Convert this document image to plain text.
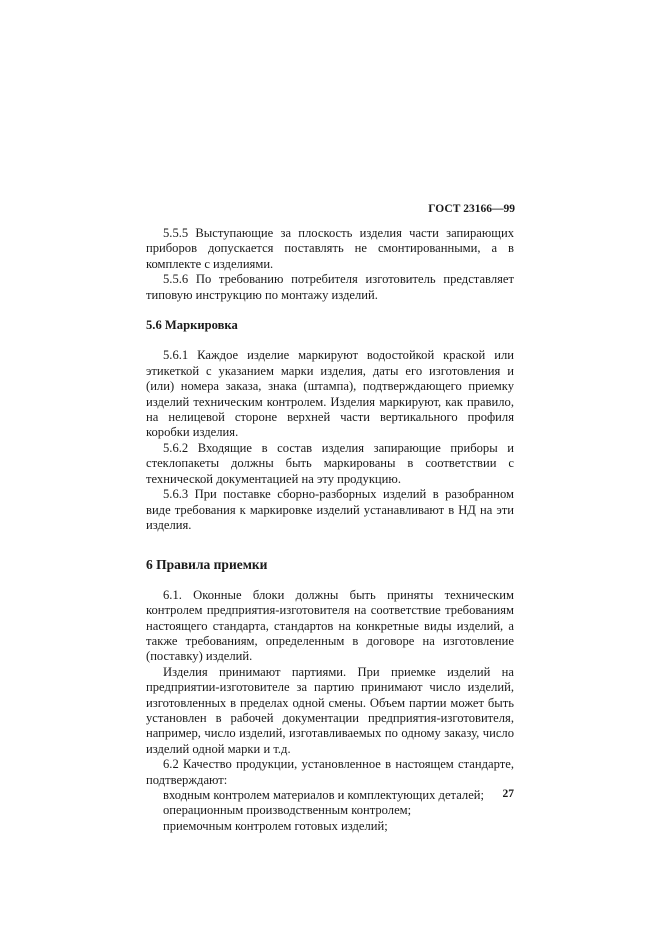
ГОСТ 23166—99

5.5.5 Выступающие за плоскость изделия части запирающих приборов допускается поставлять не смонтированными, а в комплекте с изделиями.

5.5.6 По требованию потребителя изготовитель представляет типовую инструкцию по монтажу изделий.

5.6 Маркировка

5.6.1 Каждое изделие маркируют водостойкой краской или этикеткой с указанием марки изделия, даты его изготовления и (или) номера заказа, знака (штампа), подтверждающего приемку изделий техническим контролем. Изделия маркируют, как правило, на нелицевой стороне верхней части вертикального профиля коробки изделия.

5.6.2 Входящие в состав изделия запирающие приборы и стеклопакеты должны быть маркированы в соответствии с технической документацией на эту продукцию.

5.6.3 При поставке сборно-разборных изделий в разобранном виде требования к маркировке изделий устанавливают в НД на эти изделия.

6 Правила приемки

6.1. Оконные блоки должны быть приняты техническим контролем предприятия-изготовителя на соответствие требованиям настоящего стандарта, стандартов на конкретные виды изделий, а также требованиям, определенным в договоре на изготовление (поставку) изделий.

Изделия принимают партиями. При приемке изделий на предприятии-изготовителе за партию принимают число изделий, изготовленных в пределах одной смены. Объем партии может быть установлен в рабочей документации предприятия-изготовителя, например, число изделий, изготавливаемых по одному заказу, число изделий одной марки и т.д.

6.2 Качество продукции, установленное в настоящем стандарте, подтверждают:

входным контролем материалов и комплектующих деталей;

операционным производственным контролем;

приемочным контролем готовых изделий;

27
